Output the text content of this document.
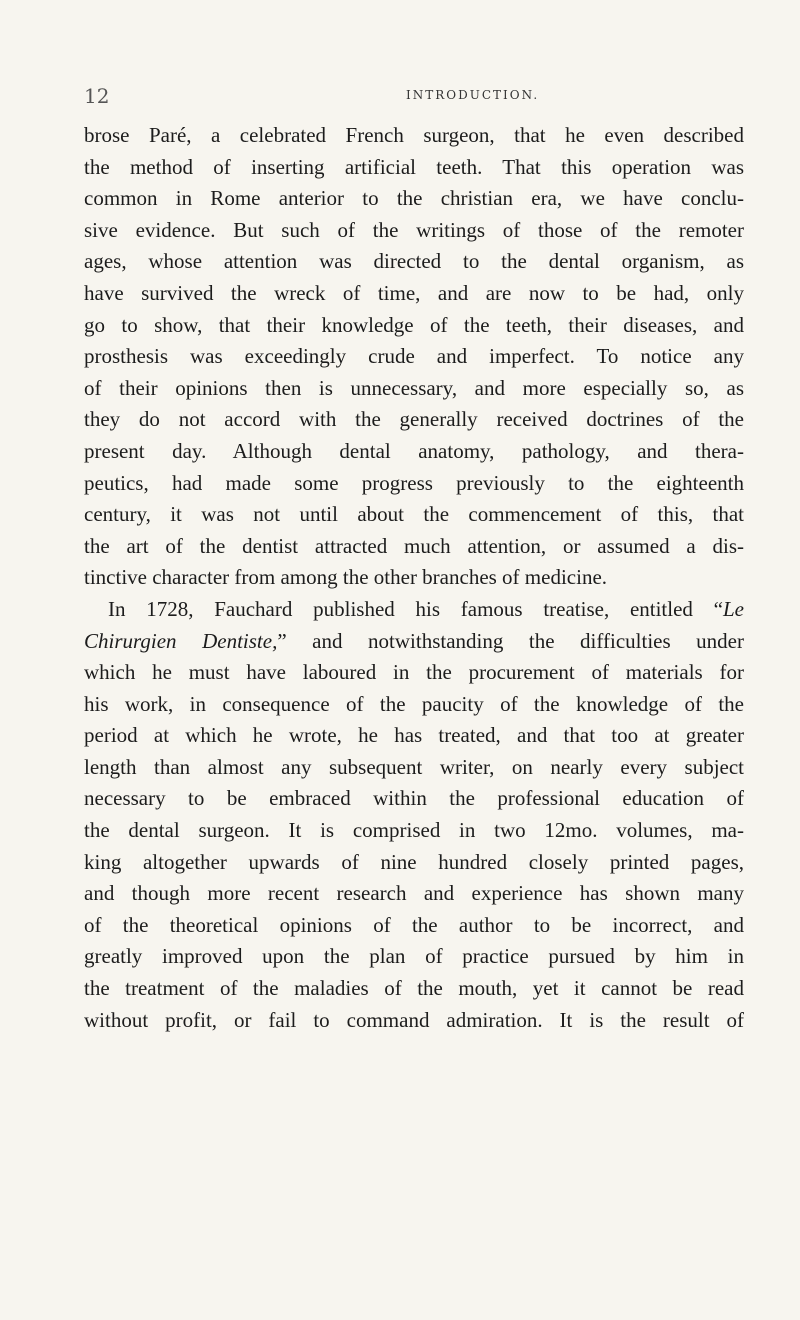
12	INTRODUCTION.
brose Paré, a celebrated French surgeon, that he even described
the method of inserting artificial teeth. That this operation was
common in Rome anterior to the christian era, we have conclu-
sive evidence. But such of the writings of those of the remoter
ages, whose attention was directed to the dental organism, as
have survived the wreck of time, and are now to be had, only
go to show, that their knowledge of the teeth, their diseases, and
prosthesis was exceedingly crude and imperfect. To notice any
of their opinions then is unnecessary, and more especially so, as
they do not accord with the generally received doctrines of the
present day. Although dental anatomy, pathology, and thera-
peutics, had made some progress previously to the eighteenth
century, it was not until about the commencement of this, that
the art of the dentist attracted much attention, or assumed a dis-
tinctive character from among the other branches of medicine.
In 1728, Fauchard published his famous treatise, entitled “Le
Chirurgien Dentiste,” and notwithstanding the difficulties under
which he must have laboured in the procurement of materials for
his work, in consequence of the paucity of the knowledge of the
period at which he wrote, he has treated, and that too at greater
length than almost any subsequent writer, on nearly every subject
necessary to be embraced within the professional education of
the dental surgeon. It is comprised in two 12mo. volumes, ma-
king altogether upwards of nine hundred closely printed pages,
and though more recent research and experience has shown many
of the theoretical opinions of the author to be incorrect, and
greatly improved upon the plan of practice pursued by him in
the treatment of the maladies of the mouth, yet it cannot be read
without profit, or fail to command admiration. It is the result of
